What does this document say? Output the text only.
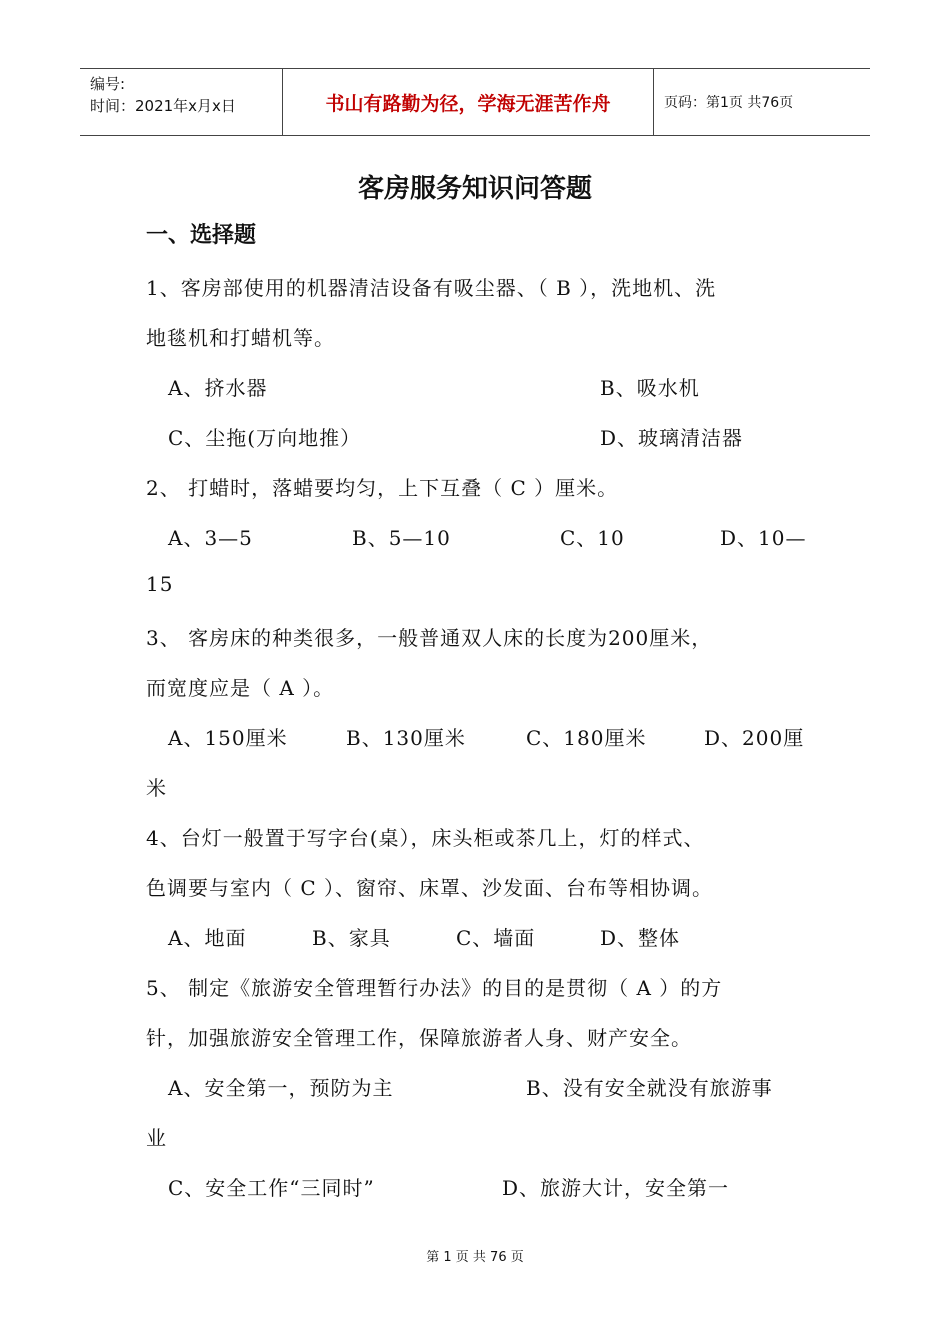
编号:
时间：2021年x月x日	书山有路勤为径，学海无涯苦作舟	页码：第1页 共76页
客房服务知识问答题
一、选择题
1、客房部使用的机器清洁设备有吸尘器、（ B ），洗地机、洗
地毯机和打蜡机等。
A、挤水器	B、吸水机
C、尘拖(万向地推）	D、玻璃清洁器
2、 打蜡时，落蜡要均匀，上下互叠（ C ）厘米。
A、3—5	B、5—10	C、10	D、10—
15
3、 客房床的种类很多，一般普通双人床的长度为200厘米，
而宽度应是（ A ）。
A、150厘米	B、130厘米	C、180厘米	D、200厘
米
4、台灯一般置于写字台(桌），床头柜或茶几上，灯的样式、
色调要与室内（ C ）、窗帘、床罩、沙发面、台布等相协调。
A、地面	B、家具	C、墙面	D、整体
5、 制定《旅游安全管理暂行办法》的目的是贯彻（ A ）的方
针，加强旅游安全管理工作，保障旅游者人身、财产安全。
A、安全第一，预防为主	B、没有安全就没有旅游事
业
C、安全工作“三同时”	D、旅游大计，安全第一
第 1 页 共 76 页
